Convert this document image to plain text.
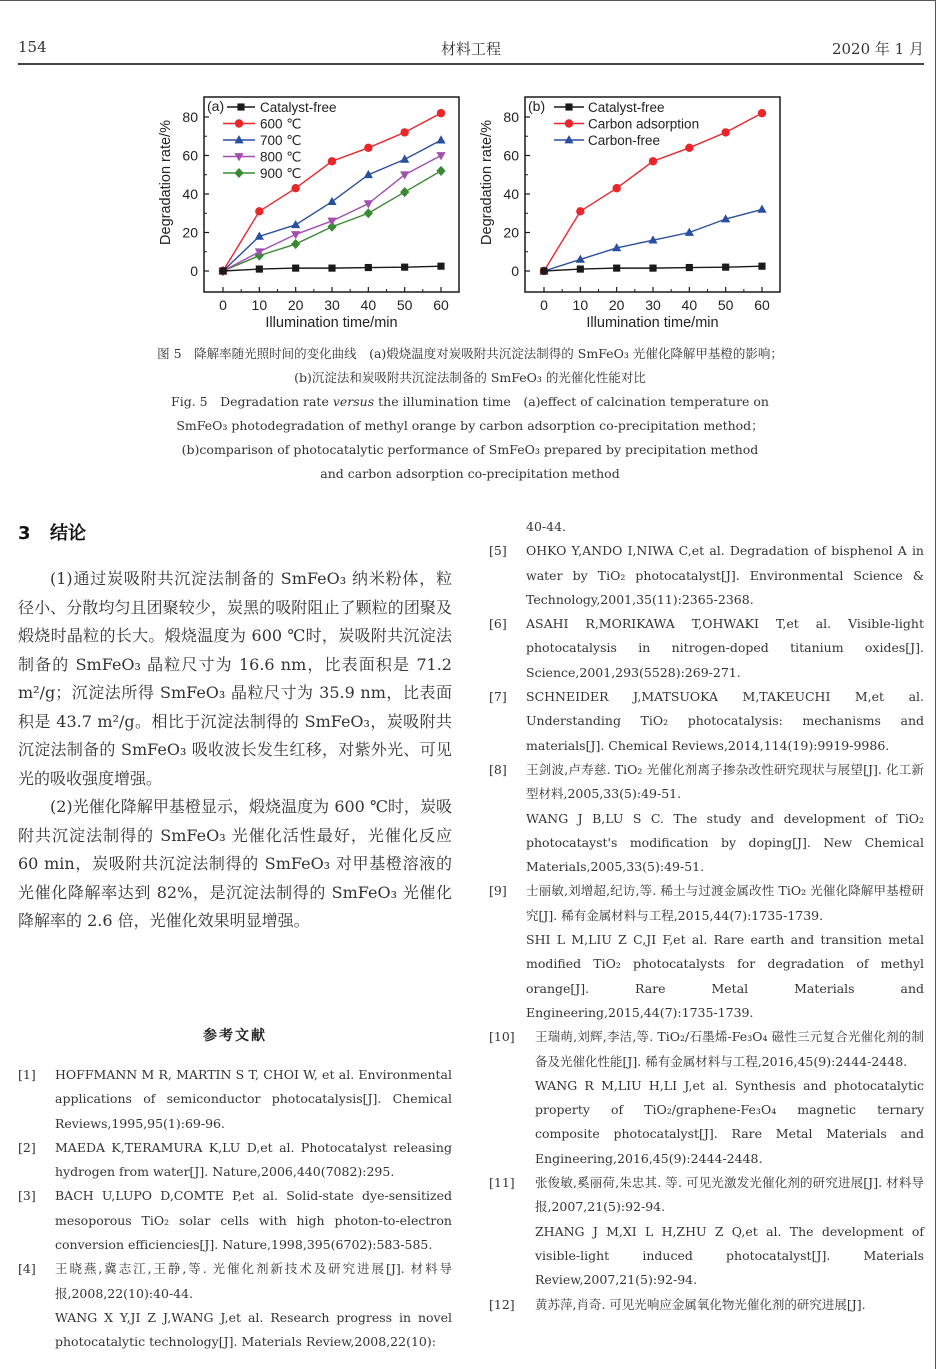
154	材料工程	2020 年 1 月
0
20
40
60
80
0 10 20 30 40 50 60
Illumination time/min
Degradation rate/%
(a)	Catalyst-free
600 ℃
700 ℃
800 ℃
900 ℃
0
20
40
60
80
0 10 20 30 40 50 60
Illumination time/min
Degradation rate/%
(b)	Catalyst-free
Carbon adsorption
Carbon-free
图 5　降解率随光照时间的变化曲线　(a)煅烧温度对炭吸附共沉淀法制得的 SmFeO₃ 光催化降解甲基橙的影响；
(b)沉淀法和炭吸附共沉淀法制备的 SmFeO₃ 的光催化性能对比
Fig. 5　Degradation rate versus the illumination time　(a)effect of calcination temperature on
SmFeO₃ photodegradation of methyl orange by carbon adsorption co-precipitation method；
(b)comparison of photocatalytic performance of SmFeO₃ prepared by precipitation method
and carbon adsorption co-precipitation method
3 结论

(1)通过炭吸附共沉淀法制备的 SmFeO₃ 纳米粉体，粒径小、分散均匀且团聚较少，炭黑的吸附阻止了颗粒的团聚及煅烧时晶粒的长大。煅烧温度为 600 ℃时，炭吸附共沉淀法制备的 SmFeO₃ 晶粒尺寸为 16.6 nm，比表面积是 71.2 m²/g；沉淀法所得 SmFeO₃ 晶粒尺寸为 35.9 nm，比表面积是 43.7 m²/g。相比于沉淀法制得的 SmFeO₃，炭吸附共沉淀法制备的 SmFeO₃ 吸收波长发生红移，对紫外光、可见光的吸收强度增强。

(2)光催化降解甲基橙显示，煅烧温度为 600 ℃时，炭吸附共沉淀法制得的 SmFeO₃ 光催化活性最好，光催化反应 60 min，炭吸附共沉淀法制得的 SmFeO₃ 对甲基橙溶液的光催化降解率达到 82%，是沉淀法制得的 SmFeO₃ 光催化降解率的 2.6 倍，光催化效果明显增强。

参考文献
[1] HOFFMANN M R, MARTIN S T, CHOI W, et al. Environmental applications of semiconductor photocatalysis[J]. Chemical Reviews,1995,95(1):69-96.
[2] MAEDA K,TERAMURA K,LU D,et al. Photocatalyst releasing hydrogen from water[J]. Nature,2006,440(7082):295.
[3] BACH U,LUPO D,COMTE P,et al. Solid-state dye-sensitized mesoporous TiO₂ solar cells with high photon-to-electron conversion efficiencies[J]. Nature,1998,395(6702):583-585.
[4] 王晓燕,冀志江,王静,等. 光催化剂新技术及研究进展[J]. 材料导报,2008,22(10):40-44.
WANG X Y,JI Z J,WANG J,et al. Research progress in novel photocatalytic technology[J]. Materials Review,2008,22(10):
40-44.
[5] OHKO Y,ANDO I,NIWA C,et al. Degradation of bisphenol A in water by TiO₂ photocatalyst[J]. Environmental Science & Technology,2001,35(11):2365-2368.
[6] ASAHI R,MORIKAWA T,OHWAKI T,et al. Visible-light photocatalysis in nitrogen-doped titanium oxides[J]. Science,2001,293(5528):269-271.
[7] SCHNEIDER J,MATSUOKA M,TAKEUCHI M,et al. Understanding TiO₂ photocatalysis: mechanisms and materials[J]. Chemical Reviews,2014,114(19):9919-9986.
[8] 王剑波,卢寿慈. TiO₂ 光催化剂离子掺杂改性研究现状与展望[J]. 化工新型材料,2005,33(5):49-51.
WANG J B,LU S C. The study and development of TiO₂ photocatayst's modification by doping[J]. New Chemical Materials,2005,33(5):49-51.
[9] 士丽敏,刘增超,纪访,等. 稀土与过渡金属改性 TiO₂ 光催化降解甲基橙研究[J]. 稀有金属材料与工程,2015,44(7):1735-1739.
SHI L M,LIU Z C,JI F,et al. Rare earth and transition metal modified TiO₂ photocatalysts for degradation of methyl orange[J]. Rare Metal Materials and Engineering,2015,44(7):1735-1739.
[10] 王瑞萌,刘辉,李洁,等. TiO₂/石墨烯-Fe₃O₄ 磁性三元复合光催化剂的制备及光催化性能[J]. 稀有金属材料与工程,2016,45(9):2444-2448.
WANG R M,LIU H,LI J,et al. Synthesis and photocatalytic property of TiO₂/graphene-Fe₃O₄ magnetic ternary composite photocatalyst[J]. Rare Metal Materials and Engineering,2016,45(9):2444-2448.
[11] 张俊敏,奚丽荷,朱忠其. 等. 可见光激发光催化剂的研究进展[J]. 材料导报,2007,21(5):92-94.
ZHANG J M,XI L H,ZHU Z Q,et al. The development of visible-light induced photocatalyst[J]. Materials Review,2007,21(5):92-94.
[12] 黄苏萍,肖奇. 可见光响应金属氧化物光催化剂的研究进展[J].
